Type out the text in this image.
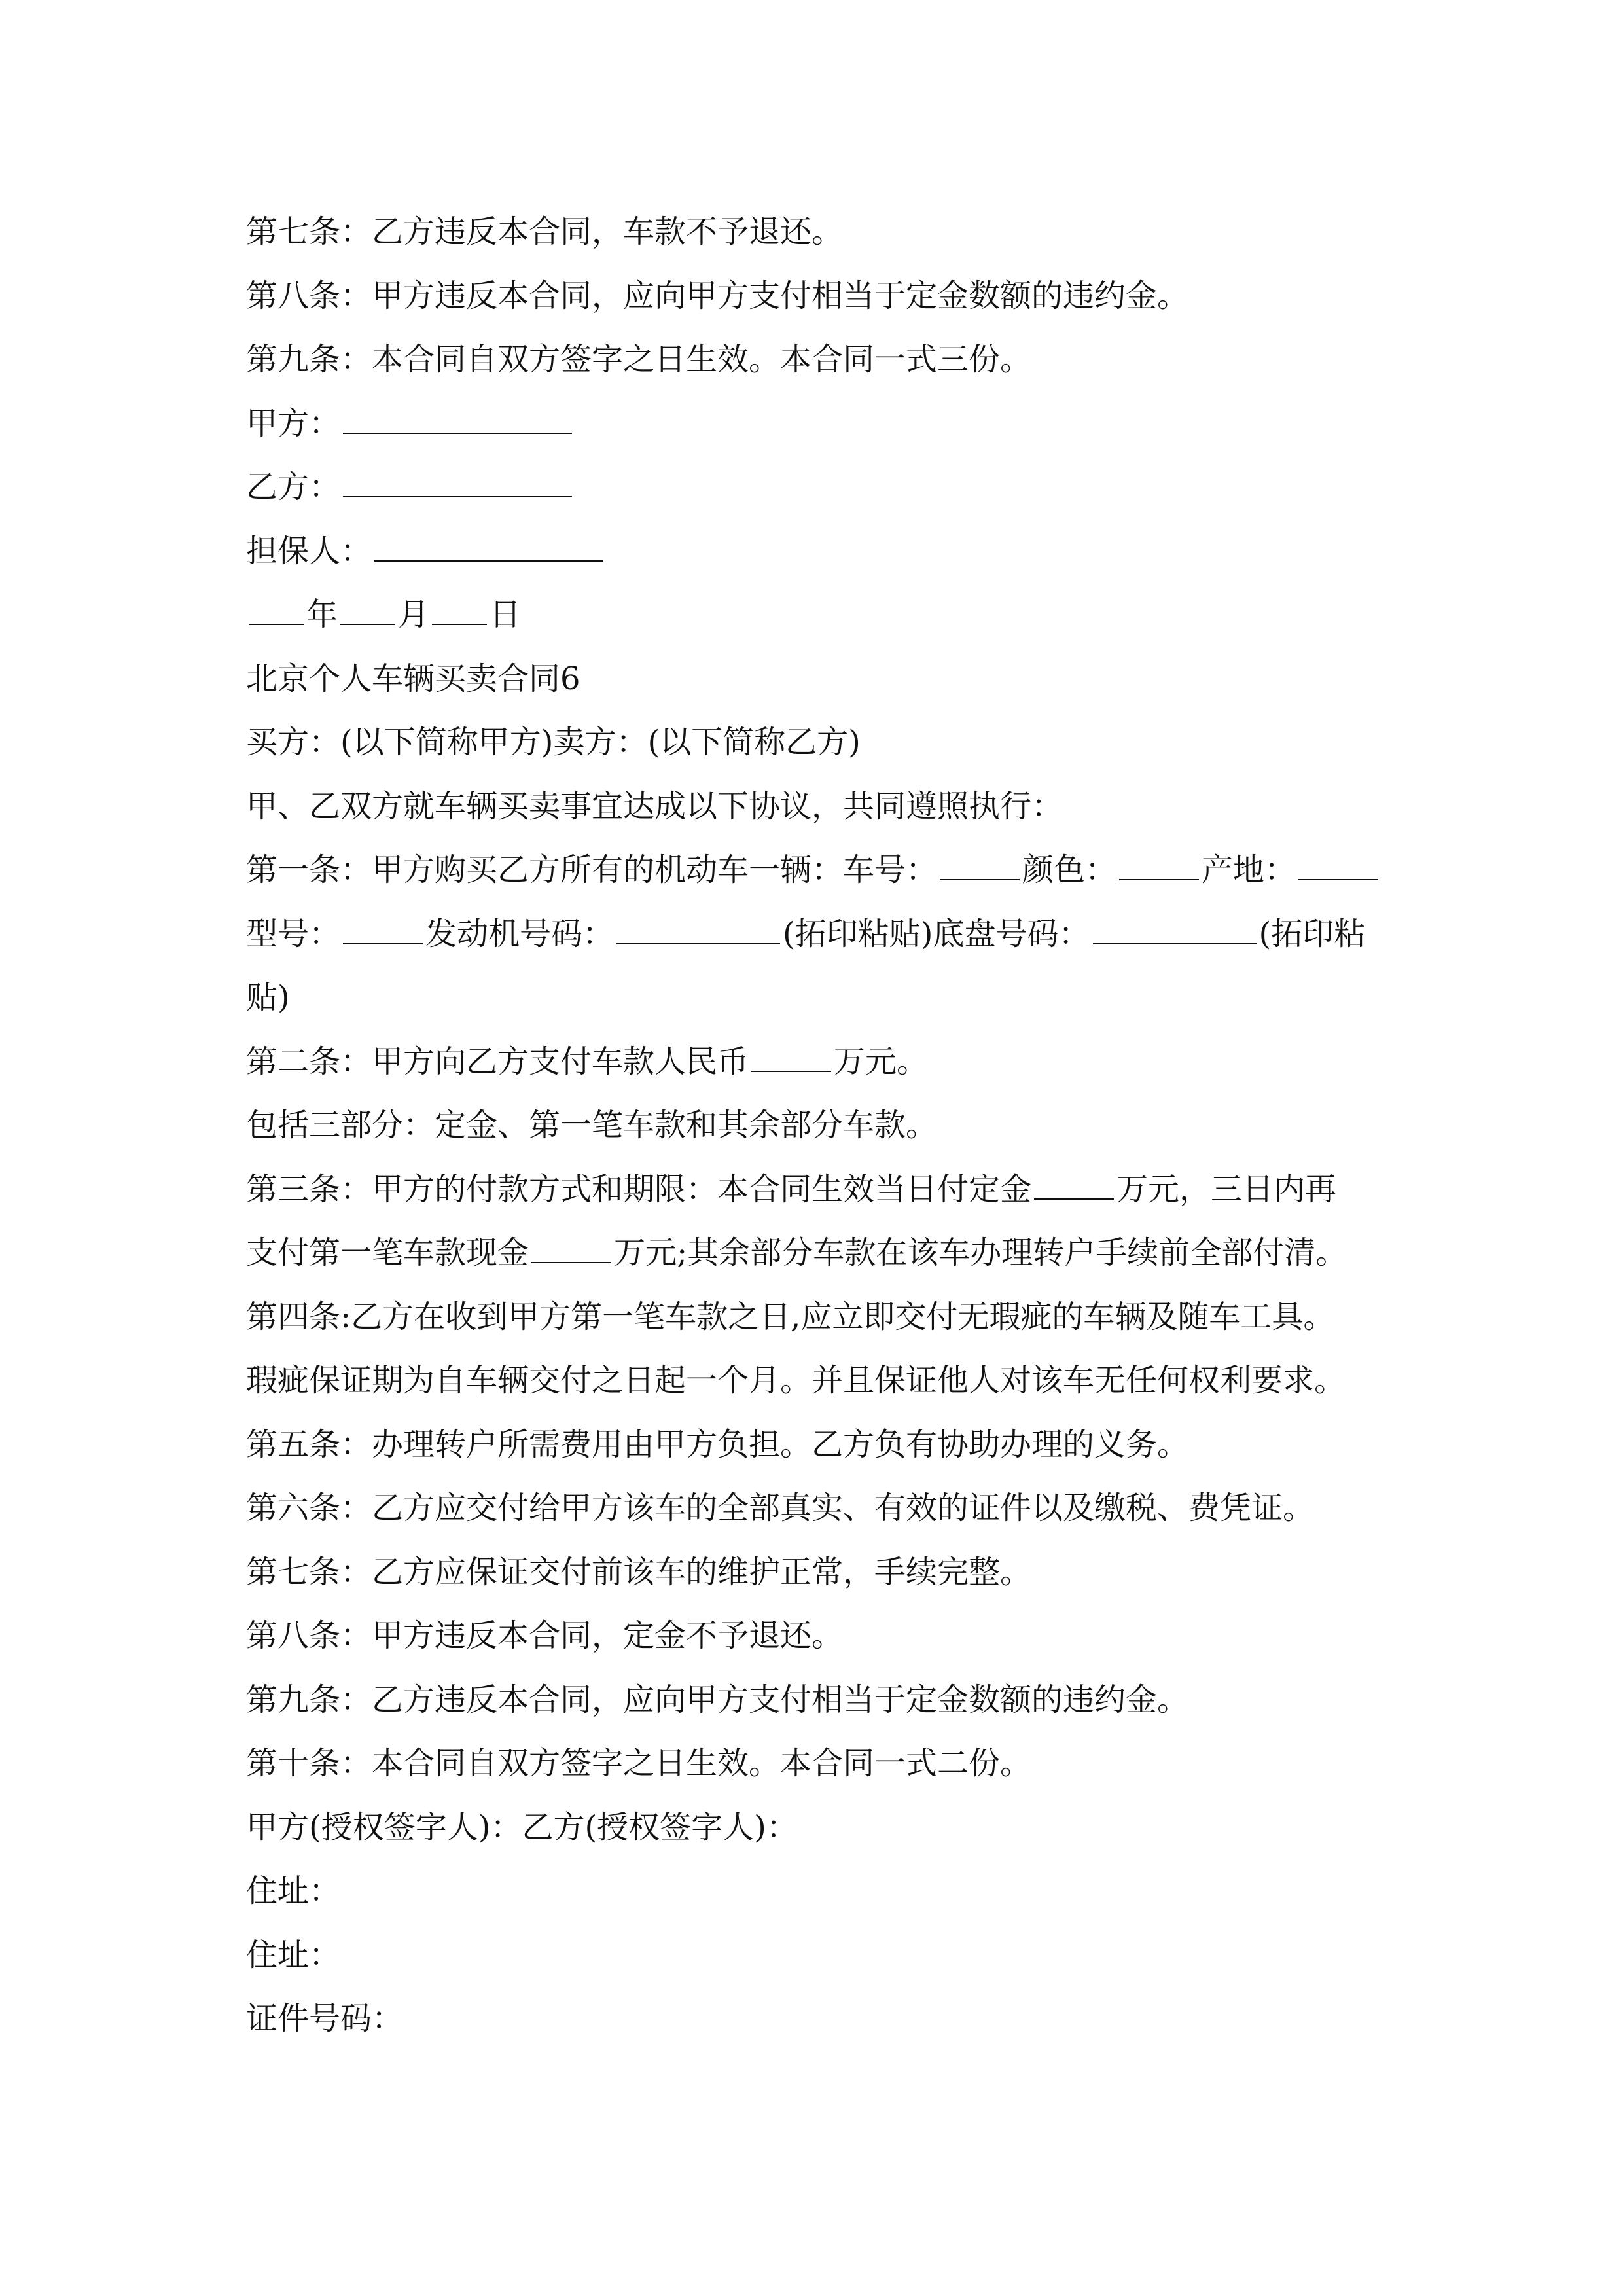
第七条：乙方违反本合同，车款不予退还。
第八条：甲方违反本合同，应向甲方支付相当于定金数额的违约金。
第九条：本合同自双方签字之日生效。本合同一式三份。
甲方：
乙方：
担保人：
年 月 日
北京个人车辆买卖合同6
买方：(以下简称甲方)卖方：(以下简称乙方)
甲、乙双方就车辆买卖事宜达成以下协议，共同遵照执行：
第一条：甲方购买乙方所有的机动车一辆：车号：	颜色：	产地：
型号：	发动机号码：	(拓印粘贴)底盘号码：	(拓印粘
贴)
第二条：甲方向乙方支付车款人民币	万元。
包括三部分：定金、第一笔车款和其余部分车款。
第三条：甲方的付款方式和期限：本合同生效当日付定金	万元，三日内再
支付第一笔车款现金	万元;其余部分车款在该车办理转户手续前全部付清。
第四条:乙方在收到甲方第一笔车款之日,应立即交付无瑕疵的车辆及随车工具。
瑕疵保证期为自车辆交付之日起一个月。并且保证他人对该车无任何权利要求。
第五条：办理转户所需费用由甲方负担。乙方负有协助办理的义务。
第六条：乙方应交付给甲方该车的全部真实、有效的证件以及缴税、费凭证。
第七条：乙方应保证交付前该车的维护正常，手续完整。
第八条：甲方违反本合同，定金不予退还。
第九条：乙方违反本合同，应向甲方支付相当于定金数额的违约金。
第十条：本合同自双方签字之日生效。本合同一式二份。
甲方(授权签字人)：乙方(授权签字人)：
住址：
住址：
证件号码：
